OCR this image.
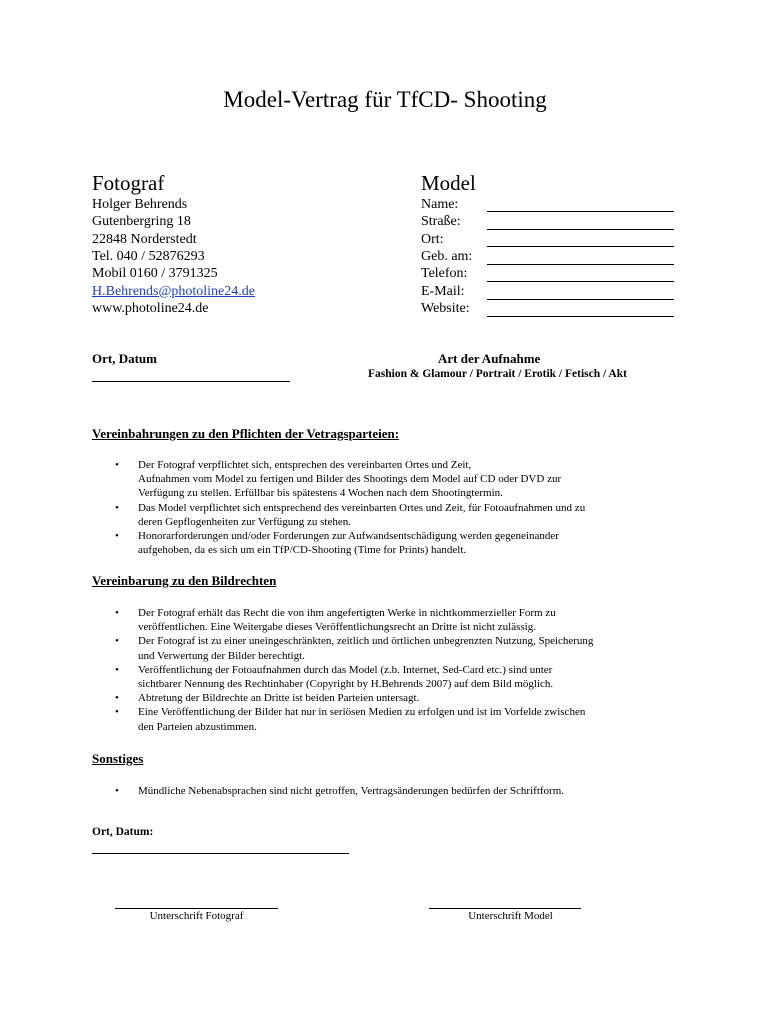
Model-Vertrag für TfCD- Shooting
Fotograf
Holger Behrends
Gutenbergring 18
22848 Norderstedt
Tel. 040 / 52876293
Mobil 0160 / 3791325
H.Behrends@photoline24.de
www.photoline24.de
Model
Name:
Straße:
Ort:
Geb. am:
Telefon:
E-Mail:
Website:
Ort, Datum	Art der Aufnahme
Fashion & Glamour / Portrait / Erotik / Fetisch / Akt
Vereinbahrungen zu den Pflichten der Vetragsparteien:
• Der Fotograf verpflichtet sich, entsprechen des vereinbarten Ortes und Zeit,
Aufnahmen vom Model zu fertigen und Bilder des Shootings dem Model auf CD oder DVD zur
Verfügung zu stellen. Erfüllbar bis spätestens 4 Wochen nach dem Shootingtermin.
• Das Model verpflichtet sich entsprechend des vereinbarten Ortes und Zeit, für Fotoaufnahmen und zu
deren Gepflogenheiten zur Verfügung zu stehen.
• Honorarforderungen und/oder Forderungen zur Aufwandsentschädigung werden gegeneinander
aufgehoben, da es sich um ein TfP/CD-Shooting (Time for Prints) handelt.
Vereinbarung zu den Bildrechten
• Der Fotograf erhält das Recht die von ihm angefertigten Werke in nichtkommerzieller Form zu
veröffentlichen. Eine Weitergabe dieses Veröffentlichungsrecht an Dritte ist nicht zulässig.
• Der Fotograf ist zu einer uneingeschränkten, zeitlich und örtlichen unbegrenzten Nutzung, Speicherung
und Verwertung der Bilder berechtigt.
• Veröffentlichung der Fotoaufnahmen durch das Model (z.b. Internet, Sed-Card etc.) sind unter
sichtbarer Nennung des Rechtinhaber (Copyright by H.Behrends 2007) auf dem Bild möglich.
• Abtretung der Bildrechte an Dritte ist beiden Parteien untersagt.
• Eine Veröffentlichung der Bilder hat nur in seriösen Medien zu erfolgen und ist im Vorfelde zwischen
den Parteien abzustimmen.
Sonstiges
• Mündliche Nebenabsprachen sind nicht getroffen, Vertragsänderungen bedürfen der Schriftform.
Ort, Datum:
Unterschrift Fotograf	Unterschrift Model
